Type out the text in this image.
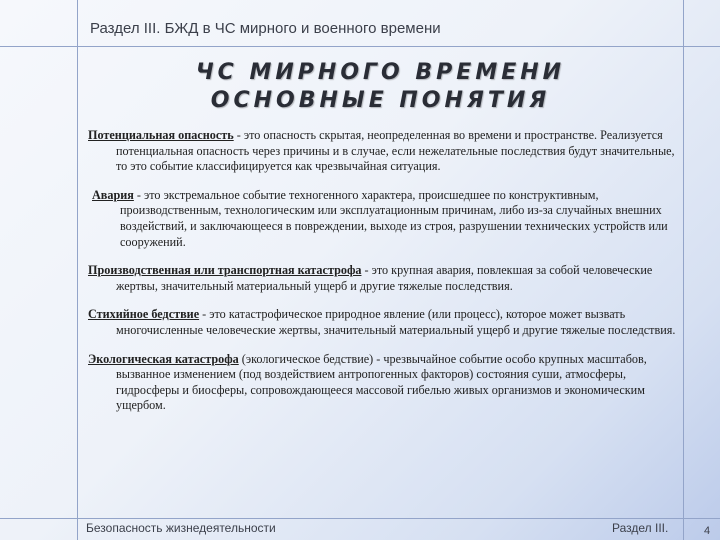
Раздел III. БЖД в ЧС мирного и военного времени
ЧС МИРНОГО ВРЕМЕНИ
ОСНОВНЫЕ ПОНЯТИЯ

Потенциальная опасность - это опасность скрытая, неопределенная во времени и пространстве. Реализуется потенциальная опасность через причины и в случае, если нежелательные последствия будут значительные, то это событие классифицируется как чрезвычайная ситуация.

Авария - это экстремальное событие техногенного характера, происшедшее по конструктивным, производственным, технологическим или эксплуатационным причинам, либо из-за случайных внешних воздействий, и заключающееся в повреждении, выходе из строя, разрушении технических устройств или сооружений.

Производственная или транспортная катастрофа - это крупная авария, повлекшая за собой человеческие жертвы, значительный материальный ущерб и другие тяжелые последствия.

Стихийное бедствие - это катастрофическое природное явление (или процесс), которое может вызвать многочисленные человеческие жертвы, значительный материальный ущерб и другие тяжелые последствия.

Экологическая катастрофа (экологическое бедствие) - чрезвычайное событие особо крупных масштабов, вызванное изменением (под воздействием антропогенных факторов) состояния суши, атмосферы, гидросферы и биосферы, сопровождающееся массовой гибелью живых организмов и экономическим ущербом.

Безопасность жизнедеятельности	Раздел III.	4
